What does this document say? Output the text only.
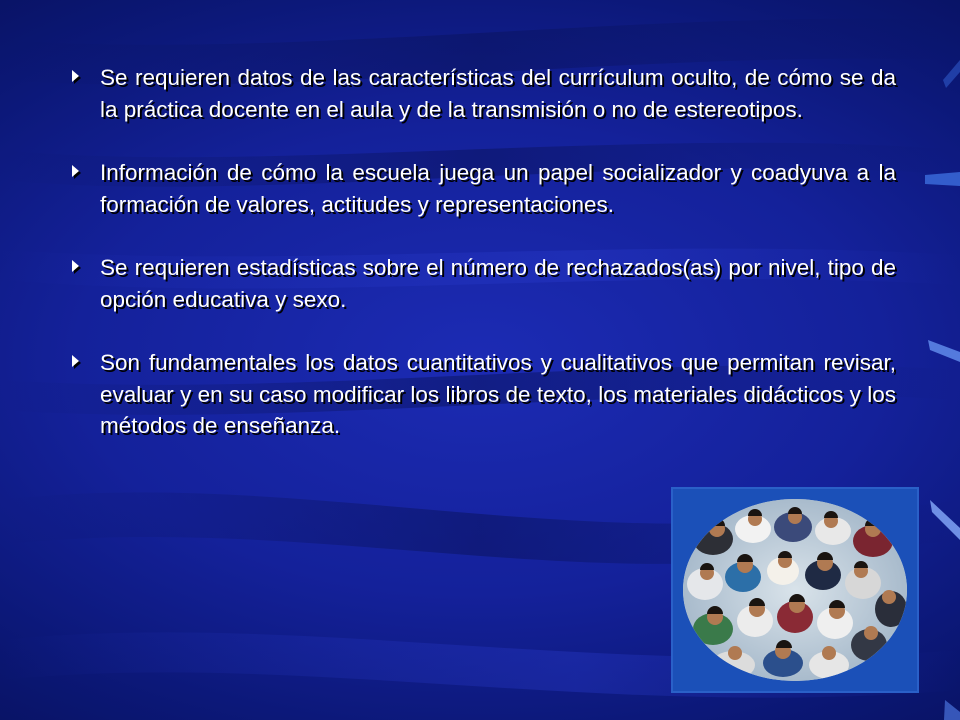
Se requieren datos de las características del currículum oculto, de cómo se da la práctica docente en el aula y de la transmisión o no de estereotipos.
Información de cómo la escuela juega un papel socializador y coadyuva a la formación de valores, actitudes y representaciones.
Se requieren estadísticas sobre el número de rechazados(as) por nivel, tipo de opción educativa y sexo.
Son fundamentales los datos cuantitativos y cualitativos que permitan revisar, evaluar y en su caso modificar los libros de texto, los materiales didácticos y los métodos de enseñanza.
